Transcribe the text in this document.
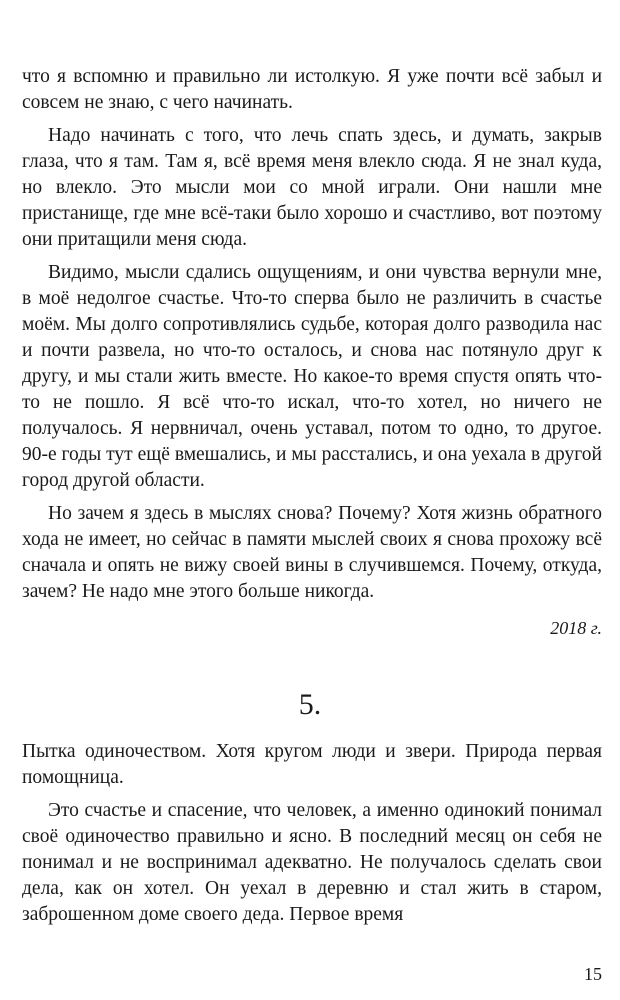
что я вспомню и правильно ли истолкую. Я уже почти всё забыл и совсем не знаю, с чего начинать.

Надо начинать с того, что лечь спать здесь, и думать, закрыв глаза, что я там. Там я, всё время меня влекло сюда. Я не знал куда, но влекло. Это мысли мои со мной играли. Они нашли мне пристанище, где мне всё-таки было хорошо и счастливо, вот поэтому они притащили меня сюда.

Видимо, мысли сдались ощущениям, и они чувства вернули мне, в моё недолгое счастье. Что-то сперва было не различить в счастье моём. Мы долго сопротивлялись судьбе, которая долго разводила нас и почти развела, но что-то осталось, и снова нас потянуло друг к другу, и мы стали жить вместе. Но какое-то время спустя опять что-то не пошло. Я всё что-то искал, что-то хотел, но ничего не получалось. Я нервничал, очень уставал, потом то одно, то другое. 90-е годы тут ещё вмешались, и мы расстались, и она уехала в другой город другой области.

Но зачем я здесь в мыслях снова? Почему? Хотя жизнь обратного хода не имеет, но сейчас в памяти мыслей своих я снова прохожу всё сначала и опять не вижу своей вины в случившемся. Почему, откуда, зачем? Не надо мне этого больше никогда.

2018 г.
5.

Пытка одиночеством. Хотя кругом люди и звери. Природа первая помощница.

Это счастье и спасение, что человек, а именно одинокий понимал своё одиночество правильно и ясно. В последний месяц он себя не понимал и не воспринимал адекватно. Не получалось сделать свои дела, как он хотел. Он уехал в деревню и стал жить в старом, заброшенном доме своего деда. Первое время

15
